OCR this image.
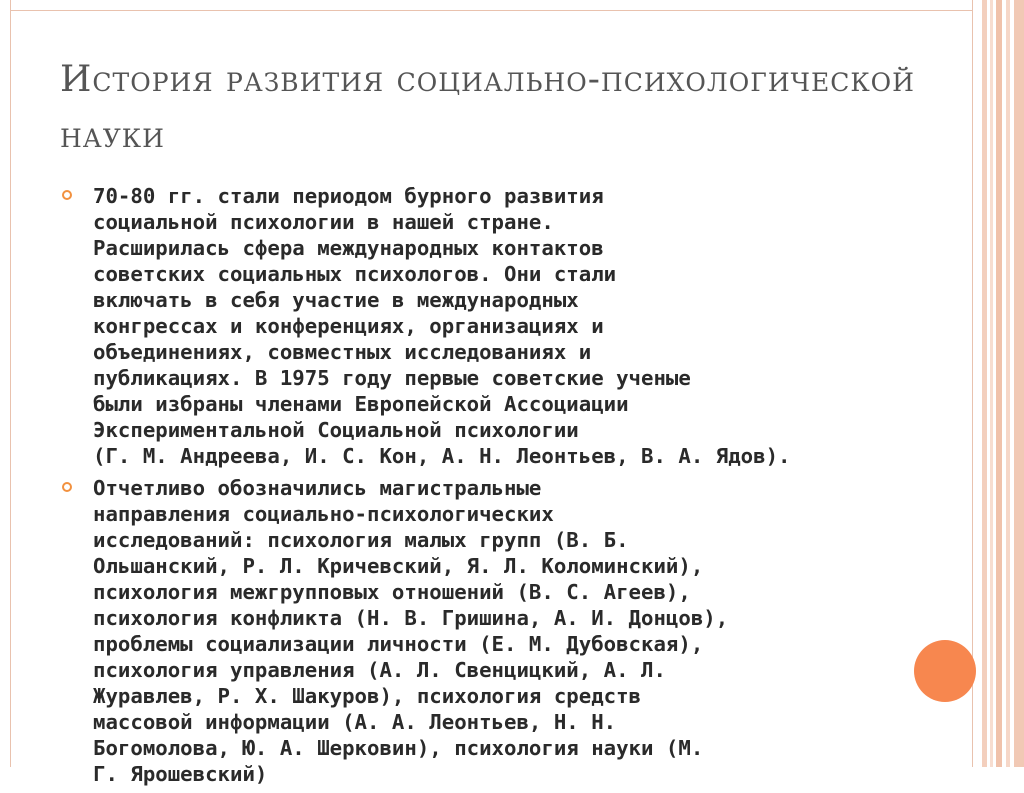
История развития социально-психологической науки
70-80 гг. стали периодом бурного развития
социальной психологии в нашей стране.
Расширилась сфера международных контактов
советских социальных психологов. Они стали
включать в себя участие в международных
конгрессах и конференциях, организациях и
объединениях, совместных исследованиях и
публикациях. В 1975 году первые советские ученые
были избраны членами Европейской Ассоциации
Экспериментальной Социальной психологии
(Г. М. Андреева, И. С. Кон, А. Н. Леонтьев, В. А. Ядов).
Отчетливо обозначились магистральные
направления социально-психологических
исследований: психология малых групп (В. Б.
Ольшанский, Р. Л. Кричевский, Я. Л. Коломинский),
психология межгрупповых отношений (В. С. Агеев),
психология конфликта (Н. В. Гришина, А. И. Донцов),
проблемы социализации личности (Е. М. Дубовская),
психология управления (А. Л. Свенцицкий, А. Л.
Журавлев, Р. Х. Шакуров), психология средств
массовой информации (А. А. Леонтьев, Н. Н.
Богомолова, Ю. А. Шерковин), психология науки (М.
Г. Ярошевский)
